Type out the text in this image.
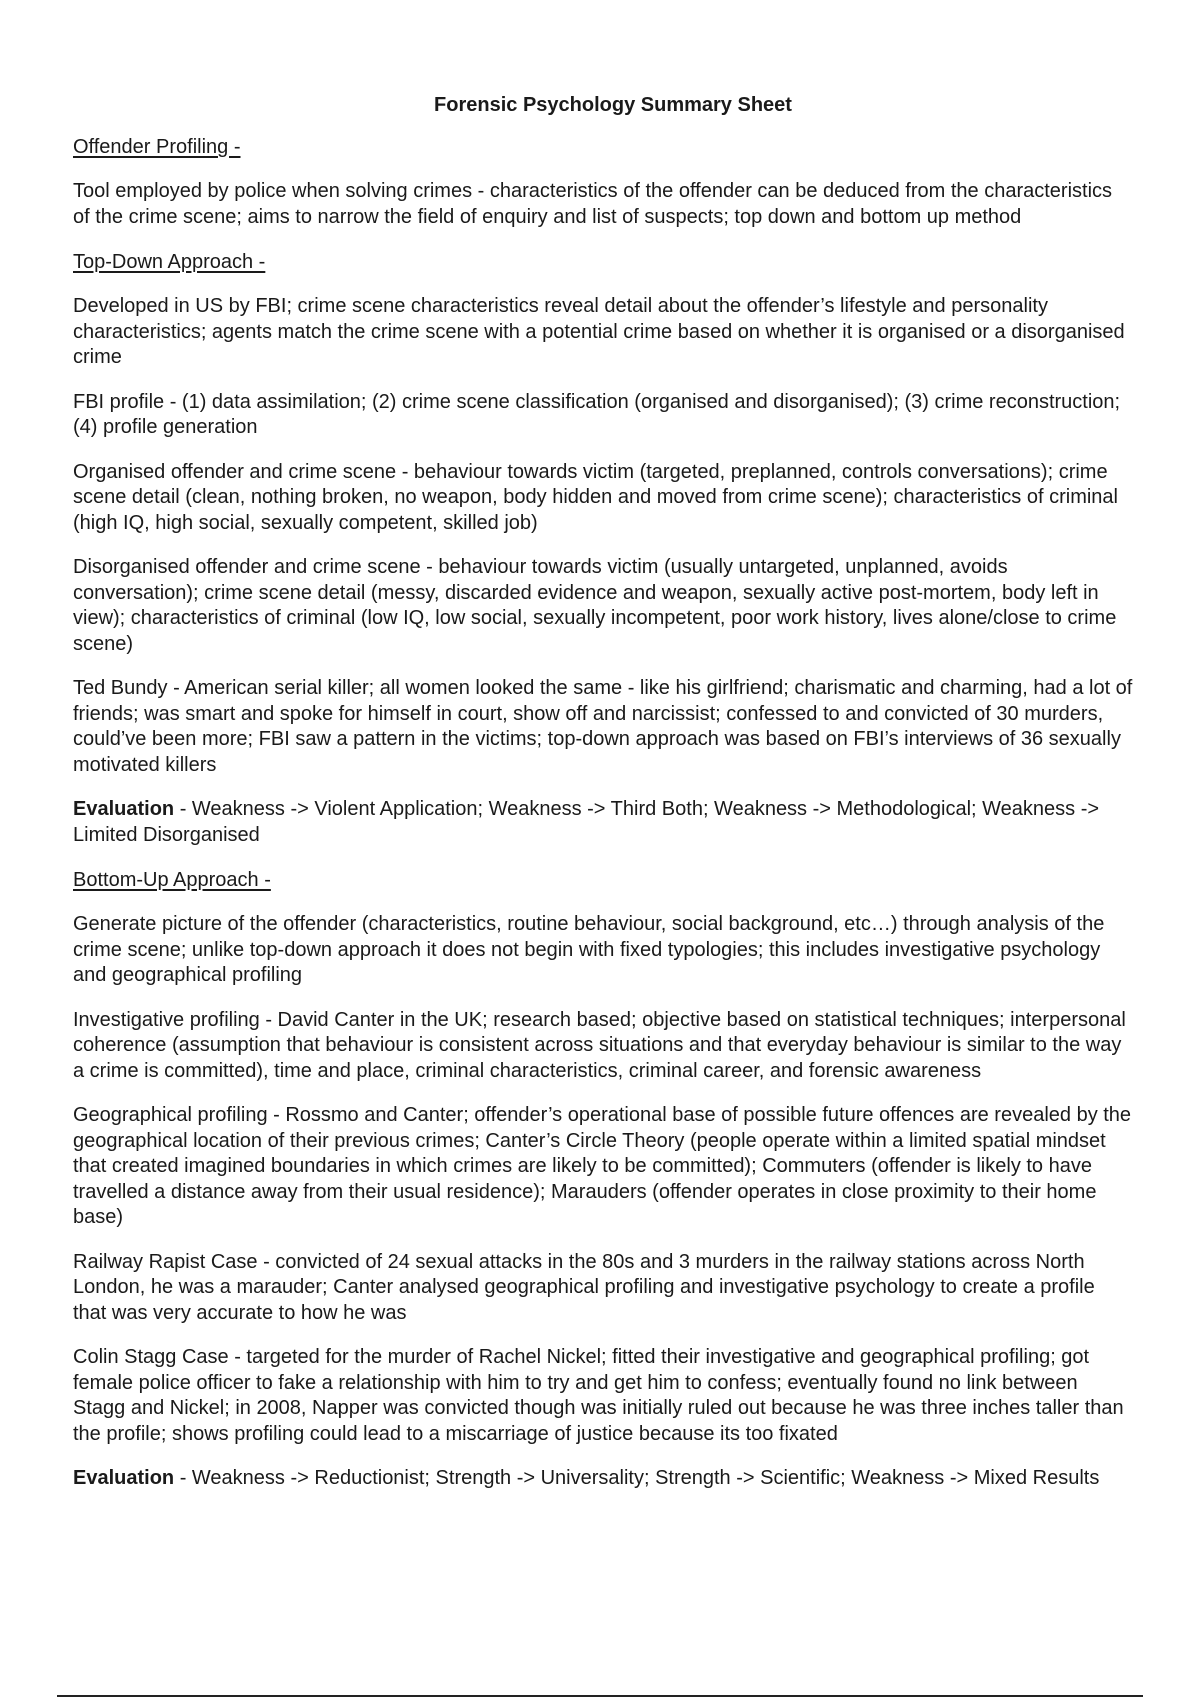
Forensic Psychology Summary Sheet
Offender Profiling -

Tool employed by police when solving crimes - characteristics of the offender can be deduced from the characteristics of the crime scene; aims to narrow the field of enquiry and list of suspects; top down and bottom up method

Top-Down Approach -

Developed in US by FBI; crime scene characteristics reveal detail about the offender’s lifestyle and personality characteristics; agents match the crime scene with a potential crime based on whether it is organised or a disorganised crime

FBI profile - (1) data assimilation; (2) crime scene classification (organised and disorganised); (3) crime reconstruction; (4) profile generation

Organised offender and crime scene - behaviour towards victim (targeted, preplanned, controls conversations); crime scene detail (clean, nothing broken, no weapon, body hidden and moved from crime scene); characteristics of criminal (high IQ, high social, sexually competent, skilled job)

Disorganised offender and crime scene - behaviour towards victim (usually untargeted, unplanned, avoids conversation); crime scene detail (messy, discarded evidence and weapon, sexually active post-mortem, body left in view); characteristics of criminal (low IQ, low social, sexually incompetent, poor work history, lives alone/close to crime scene)

Ted Bundy - American serial killer; all women looked the same - like his girlfriend; charismatic and charming, had a lot of friends; was smart and spoke for himself in court, show off and narcissist; confessed to and convicted of 30 murders, could’ve been more; FBI saw a pattern in the victims; top-down approach was based on FBI’s interviews of 36 sexually motivated killers

Evaluation - Weakness -> Violent Application; Weakness -> Third Both; Weakness -> Methodological; Weakness -> Limited Disorganised

Bottom-Up Approach -

Generate picture of the offender (characteristics, routine behaviour, social background, etc…) through analysis of the crime scene; unlike top-down approach it does not begin with fixed typologies; this includes investigative psychology and geographical profiling

Investigative profiling - David Canter in the UK; research based; objective based on statistical techniques; interpersonal coherence (assumption that behaviour is consistent across situations and that everyday behaviour is similar to the way a crime is committed), time and place, criminal characteristics, criminal career, and forensic awareness

Geographical profiling - Rossmo and Canter; offender’s operational base of possible future offences are revealed by the geographical location of their previous crimes; Canter’s Circle Theory (people operate within a limited spatial mindset that created imagined boundaries in which crimes are likely to be committed); Commuters (offender is likely to have travelled a distance away from their usual residence); Marauders (offender operates in close proximity to their home base)

Railway Rapist Case - convicted of 24 sexual attacks in the 80s and 3 murders in the railway stations across North London, he was a marauder; Canter analysed geographical profiling and investigative psychology to create a profile that was very accurate to how he was

Colin Stagg Case - targeted for the murder of Rachel Nickel; fitted their investigative and geographical profiling; got female police officer to fake a relationship with him to try and get him to confess; eventually found no link between Stagg and Nickel; in 2008, Napper was convicted though was initially ruled out because he was three inches taller than the profile; shows profiling could lead to a miscarriage of justice because its too fixated

Evaluation - Weakness -> Reductionist; Strength -> Universality; Strength -> Scientific; Weakness -> Mixed Results
